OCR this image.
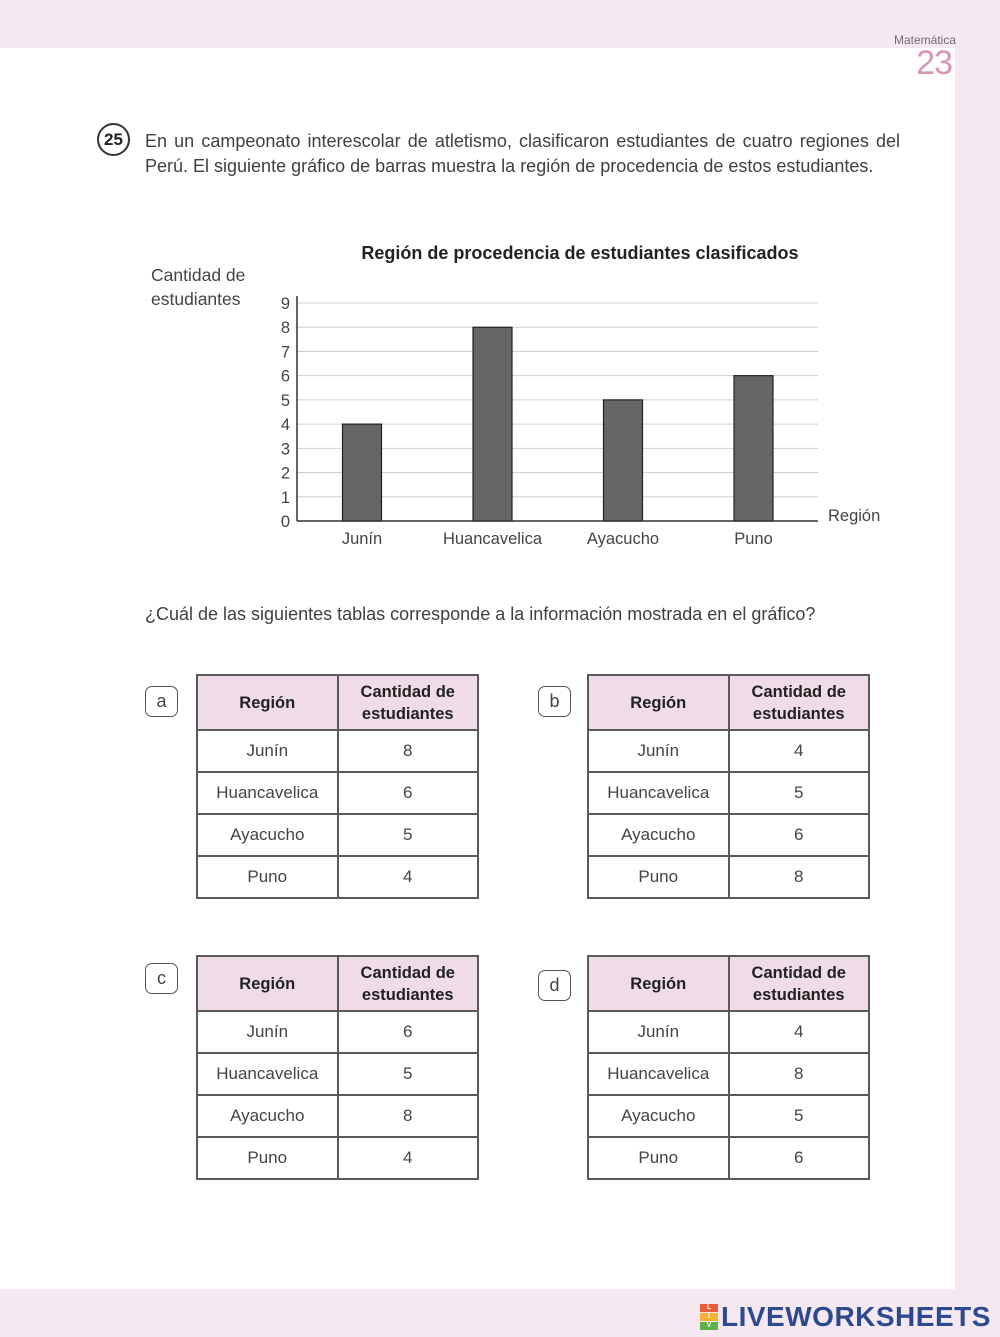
Matemática
23
25	En un campeonato interescolar de atletismo, clasificaron estudiantes de cuatro regiones del Perú. El siguiente gráfico de barras muestra la región de procedencia de estos estudiantes.

Región de procedencia de estudiantes clasificados
Cantidad de
estudiantes
Región
0
1
2
3
4
5
6
7
8
9
Junín	Huancavelica	Ayacucho	Puno

¿Cuál de las siguientes tablas corresponde a la información mostrada en el gráfico?

a	Región	Cantidad de
estudiantes
Junín	8
Huancavelica	6
Ayacucho	5
Puno	4
b	Región	Cantidad de
estudiantes
Junín	4
Huancavelica	5
Ayacucho	6
Puno	8
c	Región	Cantidad de
estudiantes
Junín	6
Huancavelica	5
Ayacucho	8
Puno	4
d	Región	Cantidad de
estudiantes
Junín	4
Huancavelica	8
Ayacucho	5
Puno	6
L
I
V LIVEWORKSHEETS
